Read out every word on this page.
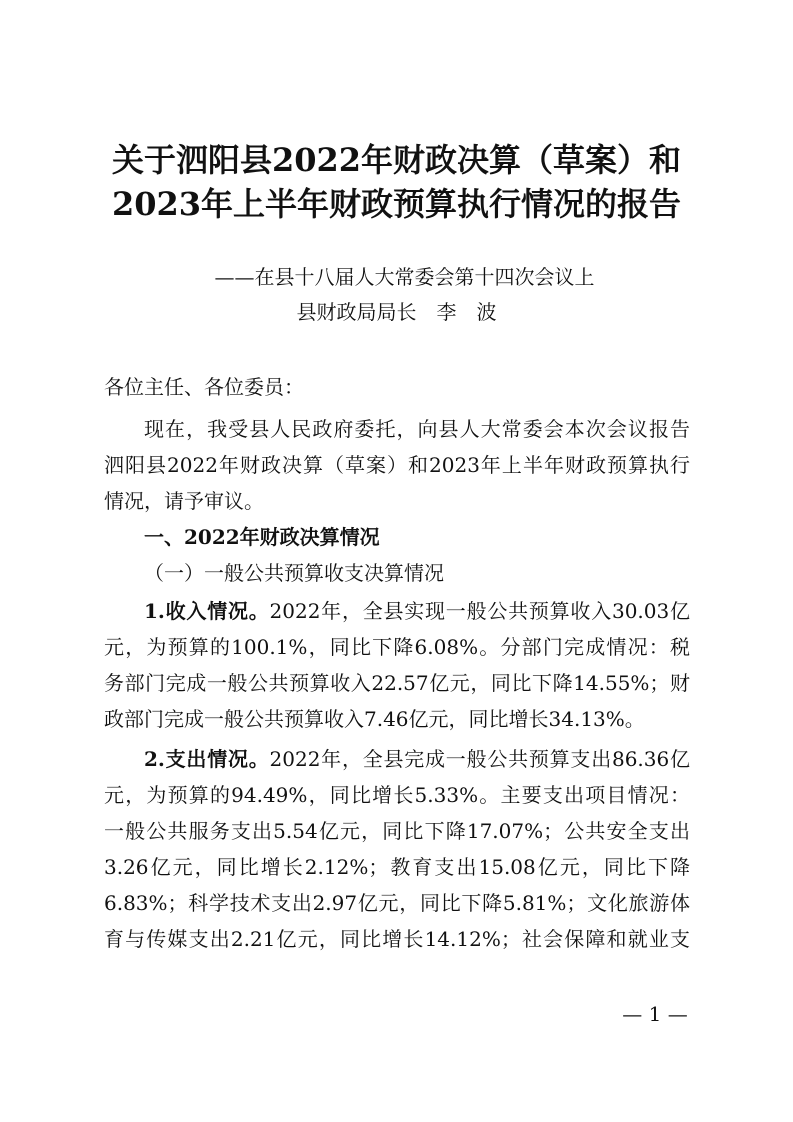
关于泗阳县2022年财政决算（草案）和
2023年上半年财政预算执行情况的报告
——在县十八届人大常委会第十四次会议上
县财政局局长　李　波
各位主任、各位委员：
现在，我受县人民政府委托，向县人大常委会本次会议报告
泗阳县2022年财政决算（草案）和2023年上半年财政预算执行
情况，请予审议。
一、2022年财政决算情况
（一）一般公共预算收支决算情况
1.收入情况。2022年，全县实现一般公共预算收入30.03亿
元，为预算的100.1%，同比下降6.08%。分部门完成情况：税
务部门完成一般公共预算收入22.57亿元，同比下降14.55%；财
政部门完成一般公共预算收入7.46亿元，同比增长34.13%。
2.支出情况。2022年，全县完成一般公共预算支出86.36亿
元，为预算的94.49%，同比增长5.33%。主要支出项目情况：
一般公共服务支出5.54亿元，同比下降17.07%；公共安全支出
3.26亿元，同比增长2.12%；教育支出15.08亿元，同比下降
6.83%；科学技术支出2.97亿元，同比下降5.81%；文化旅游体
育与传媒支出2.21亿元，同比增长14.12%；社会保障和就业支
— 1 —
